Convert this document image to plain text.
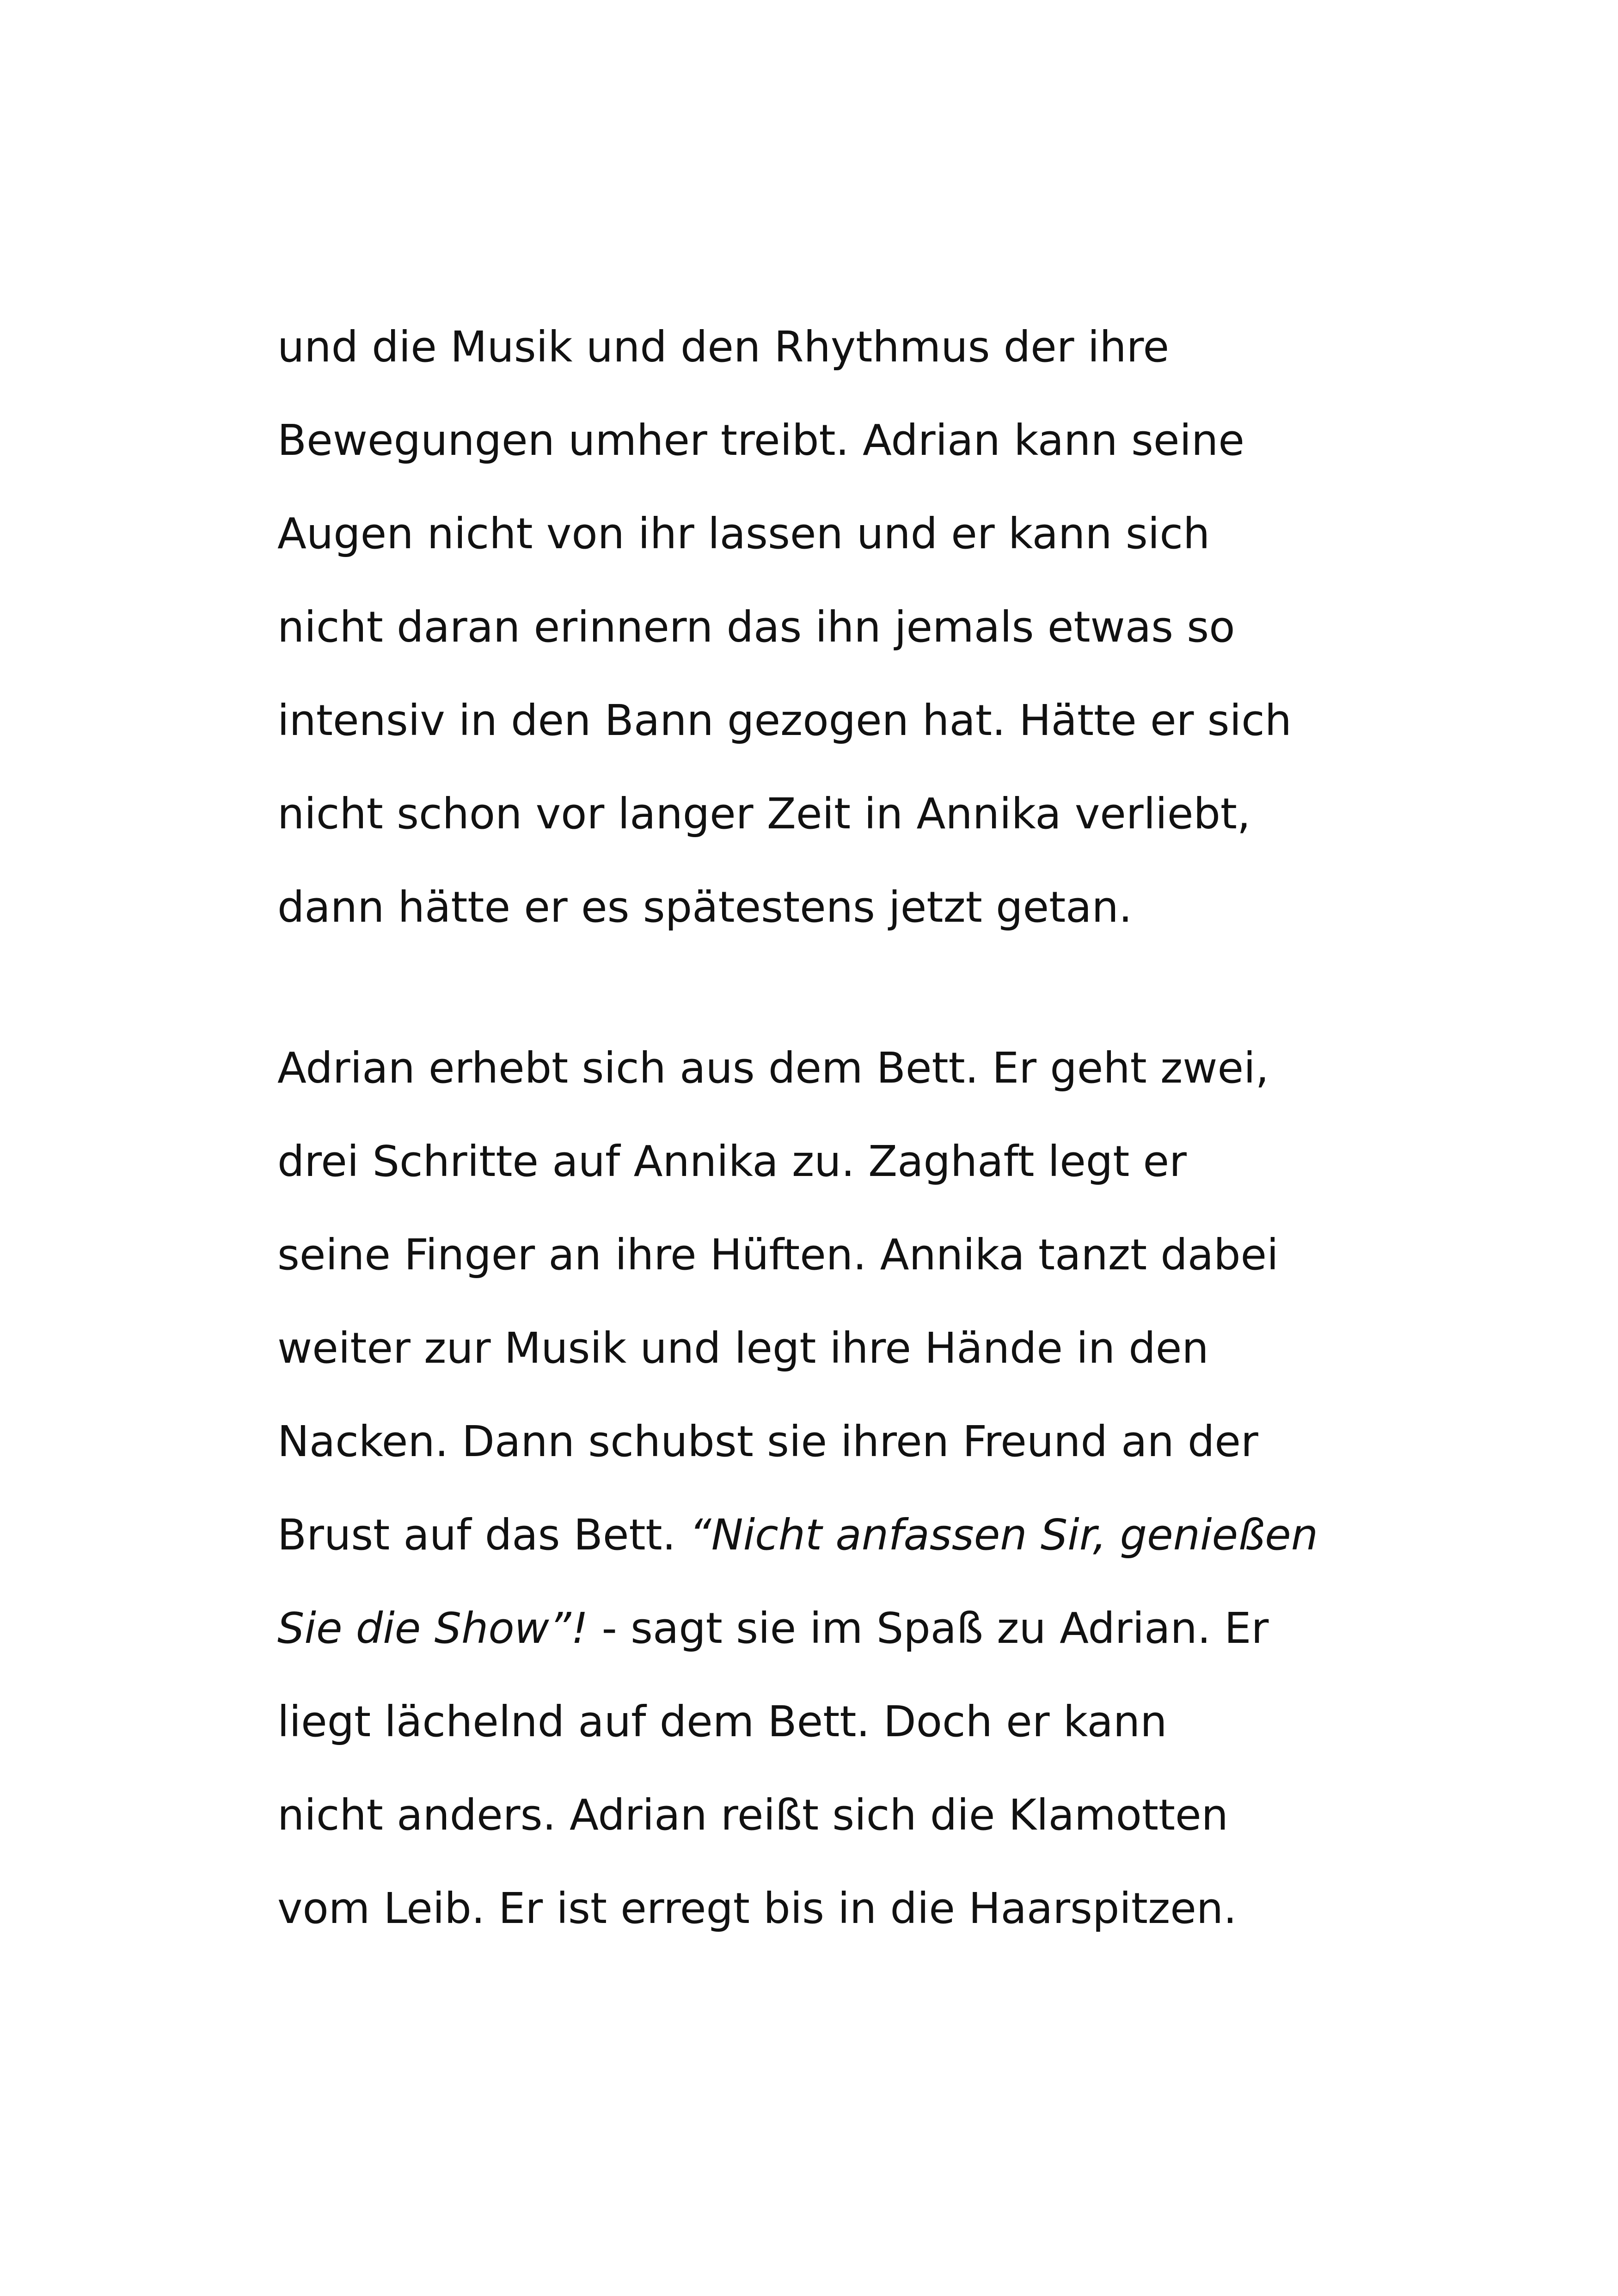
und die Musik und den Rhythmus der ihre
Bewegungen umher treibt. Adrian kann seine
Augen nicht von ihr lassen und er kann sich
nicht daran erinnern das ihn jemals etwas so
intensiv in den Bann gezogen hat. Hätte er sich
nicht schon vor langer Zeit in Annika verliebt,
dann hätte er es spätestens jetzt getan.
Adrian erhebt sich aus dem Bett. Er geht zwei,
drei Schritte auf Annika zu. Zaghaft legt er
seine Finger an ihre Hüften. Annika tanzt dabei
weiter zur Musik und legt ihre Hände in den
Nacken. Dann schubst sie ihren Freund an der
Brust auf das Bett. “Nicht anfassen Sir, genießen
Sie die Show”! - sagt sie im Spaß zu Adrian. Er
liegt lächelnd auf dem Bett. Doch er kann
nicht anders. Adrian reißt sich die Klamotten
vom Leib. Er ist erregt bis in die Haarspitzen.
